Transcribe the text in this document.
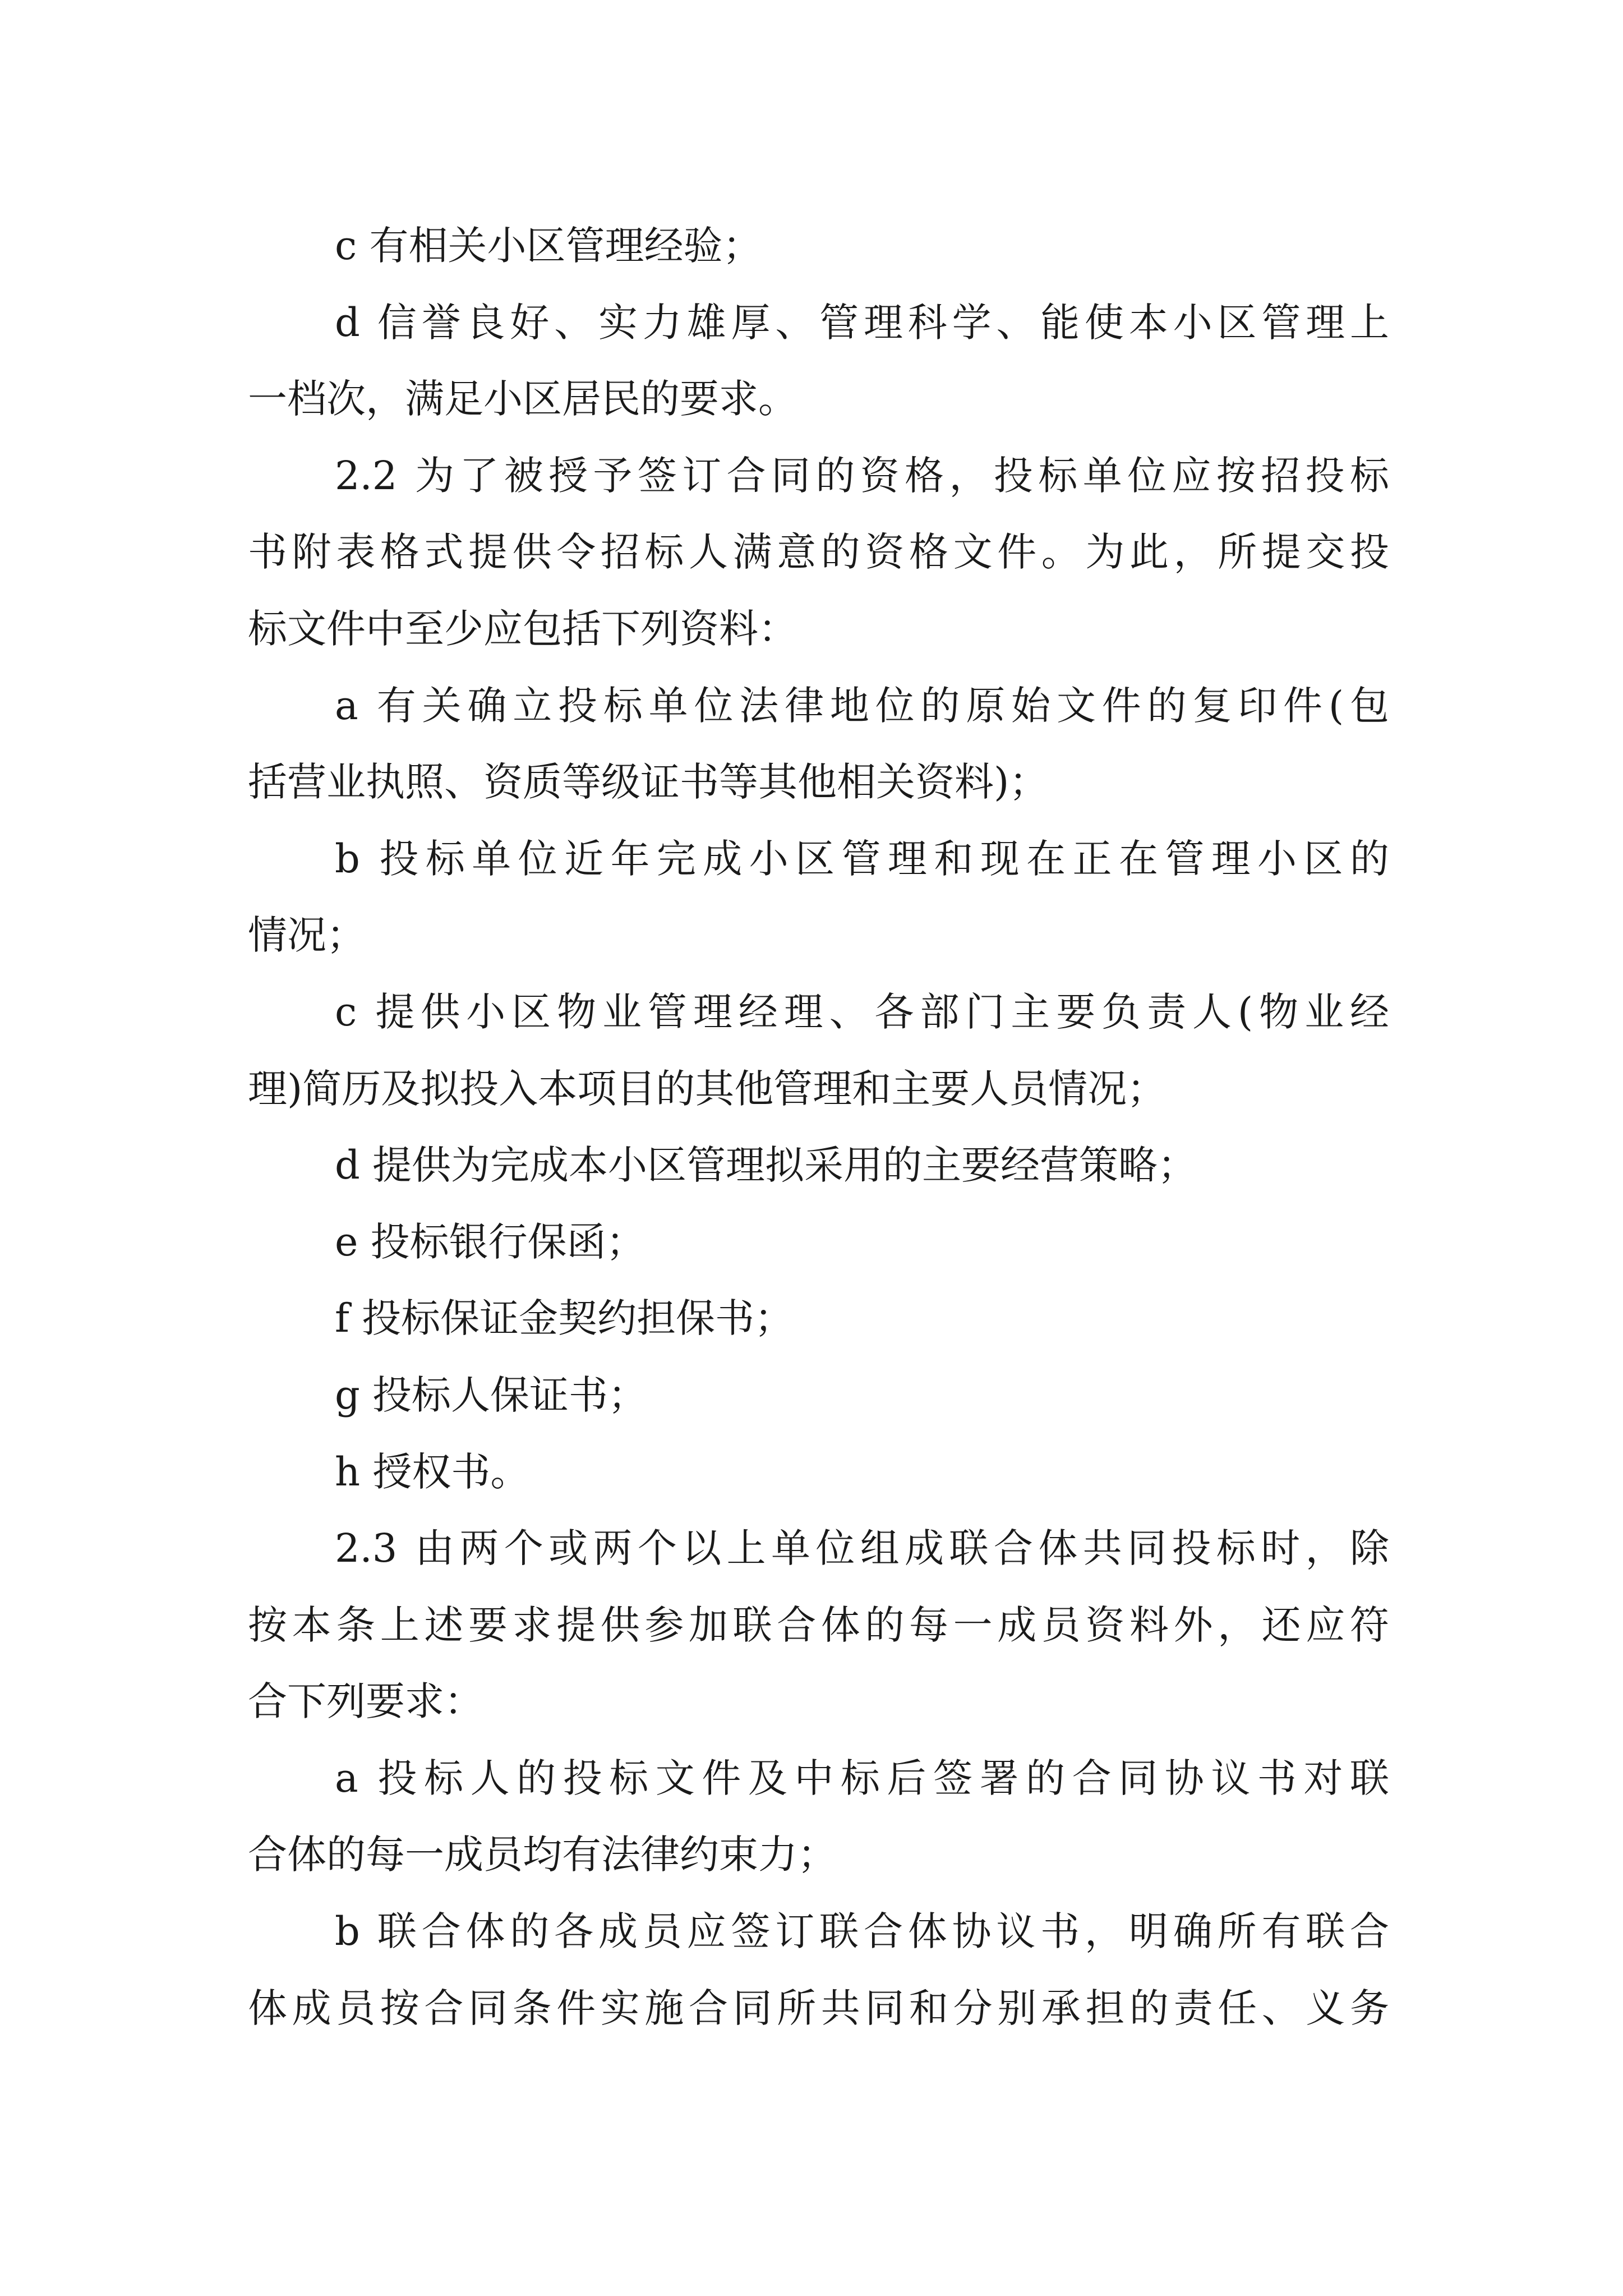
c 有相关小区管理经验；
d 信誉良好、实力雄厚、管理科学、能使本小区管理上
一档次，满足小区居民的要求。
2.2 为了被授予签订合同的资格，投标单位应按招投标
书附表格式提供令招标人满意的资格文件。为此，所提交投
标文件中至少应包括下列资料：
a 有关确立投标单位法律地位的原始文件的复印件(包
括营业执照、资质等级证书等其他相关资料)；
b 投标单位近年完成小区管理和现在正在管理小区的
情况；
c 提供小区物业管理经理、各部门主要负责人(物业经
理)简历及拟投入本项目的其他管理和主要人员情况；
d 提供为完成本小区管理拟采用的主要经营策略；
e 投标银行保函；
f 投标保证金契约担保书；
g 投标人保证书；
h 授权书。
2.3 由两个或两个以上单位组成联合体共同投标时，除
按本条上述要求提供参加联合体的每一成员资料外，还应符
合下列要求：
a 投标人的投标文件及中标后签署的合同协议书对联
合体的每一成员均有法律约束力；
b 联合体的各成员应签订联合体协议书，明确所有联合
体成员按合同条件实施合同所共同和分别承担的责任、义务
